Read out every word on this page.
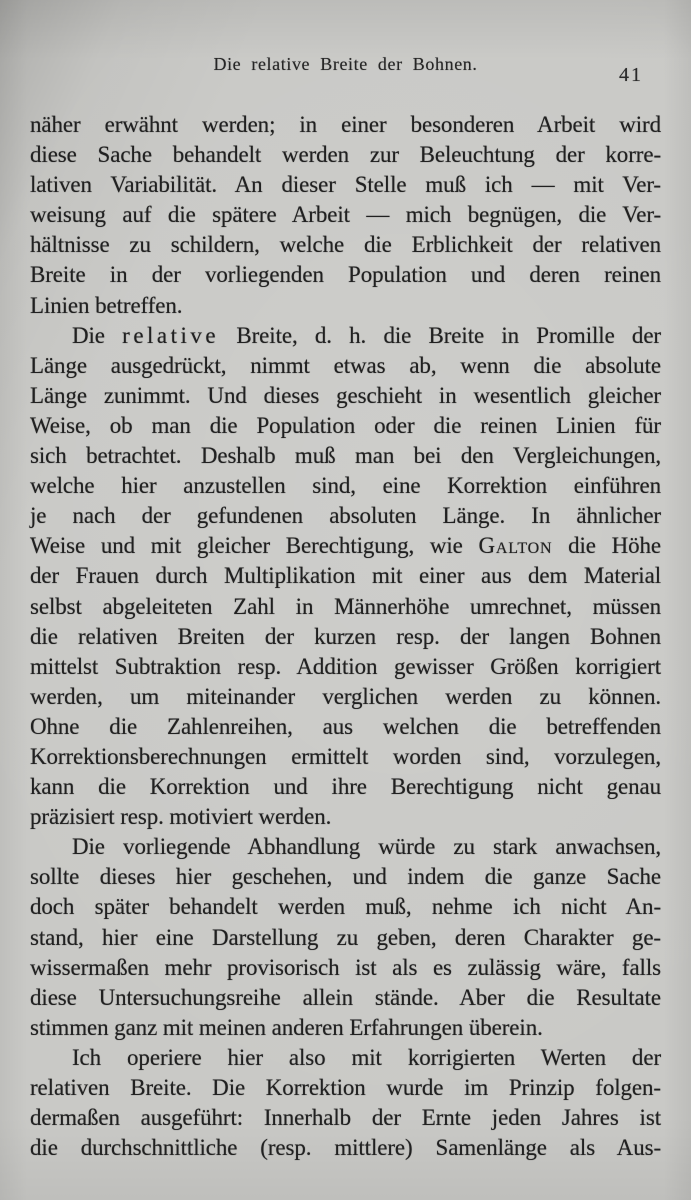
Die relative Breite der Bohnen.	41
näher erwähnt werden; in einer besonderen Arbeit wird
diese Sache behandelt werden zur Beleuchtung der korre-
lativen Variabilität. An dieser Stelle muß ich — mit Ver-
weisung auf die spätere Arbeit — mich begnügen, die Ver-
hältnisse zu schildern, welche die Erblichkeit der relativen
Breite in der vorliegenden Population und deren reinen
Linien betreffen.
Die relative Breite, d. h. die Breite in Promille der
Länge ausgedrückt, nimmt etwas ab, wenn die absolute
Länge zunimmt. Und dieses geschieht in wesentlich gleicher
Weise, ob man die Population oder die reinen Linien für
sich betrachtet. Deshalb muß man bei den Vergleichungen,
welche hier anzustellen sind, eine Korrektion einführen
je nach der gefundenen absoluten Länge. In ähnlicher
Weise und mit gleicher Berechtigung, wie Galton die Höhe
der Frauen durch Multiplikation mit einer aus dem Material
selbst abgeleiteten Zahl in Männerhöhe umrechnet, müssen
die relativen Breiten der kurzen resp. der langen Bohnen
mittelst Subtraktion resp. Addition gewisser Größen korrigiert
werden, um miteinander verglichen werden zu können.
Ohne die Zahlenreihen, aus welchen die betreffenden
Korrektionsberechnungen ermittelt worden sind, vorzulegen,
kann die Korrektion und ihre Berechtigung nicht genau
präzisiert resp. motiviert werden.
Die vorliegende Abhandlung würde zu stark anwachsen,
sollte dieses hier geschehen, und indem die ganze Sache
doch später behandelt werden muß, nehme ich nicht An-
stand, hier eine Darstellung zu geben, deren Charakter ge-
wissermaßen mehr provisorisch ist als es zulässig wäre, falls
diese Untersuchungsreihe allein stände. Aber die Resultate
stimmen ganz mit meinen anderen Erfahrungen überein.
Ich operiere hier also mit korrigierten Werten der
relativen Breite. Die Korrektion wurde im Prinzip folgen-
dermaßen ausgeführt: Innerhalb der Ernte jeden Jahres ist
die durchschnittliche (resp. mittlere) Samenlänge als Aus-
